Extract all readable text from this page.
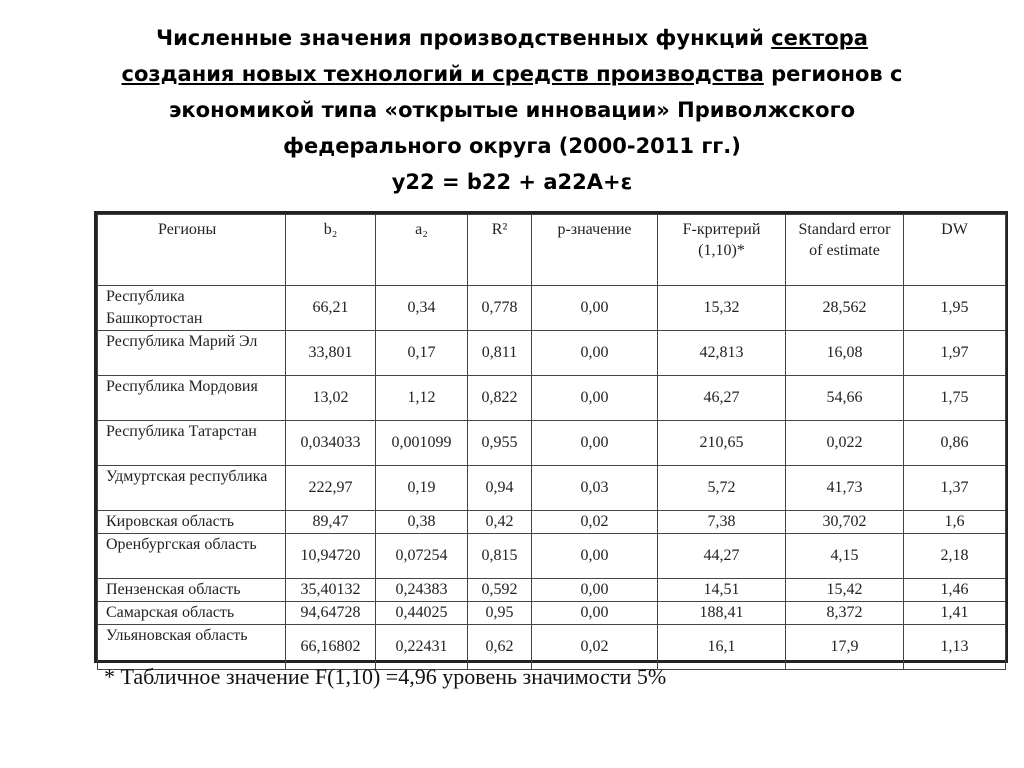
Численные значения производственных функций сектора
создания новых технологий и средств производства регионов с
экономикой типа «открытые инновации» Приволжского
федерального округа (2000-2011 гг.)
y22 = b22 + a22A+ε
Регионы	b₂	a₂	R²	p-значение	F-критерий (1,10)*	Standard error of estimate	DW
Республика Башкортостан	66,21	0,34	0,778	0,00	15,32	28,562	1,95
Республика Марий Эл	33,801	0,17	0,811	0,00	42,813	16,08	1,97
Республика Мордовия	13,02	1,12	0,822	0,00	46,27	54,66	1,75
Республика Татарстан	0,034033	0,001099	0,955	0,00	210,65	0,022	0,86
Удмуртская республика	222,97	0,19	0,94	0,03	5,72	41,73	1,37
Кировская область	89,47	0,38	0,42	0,02	7,38	30,702	1,6
Оренбургская область	10,94720	0,07254	0,815	0,00	44,27	4,15	2,18
Пензенская область	35,40132	0,24383	0,592	0,00	14,51	15,42	1,46
Самарская область	94,64728	0,44025	0,95	0,00	188,41	8,372	1,41
Ульяновская область	66,16802	0,22431	0,62	0,02	16,1	17,9	1,13
* Табличное значение F(1,10) =4,96 уровень значимости 5%
